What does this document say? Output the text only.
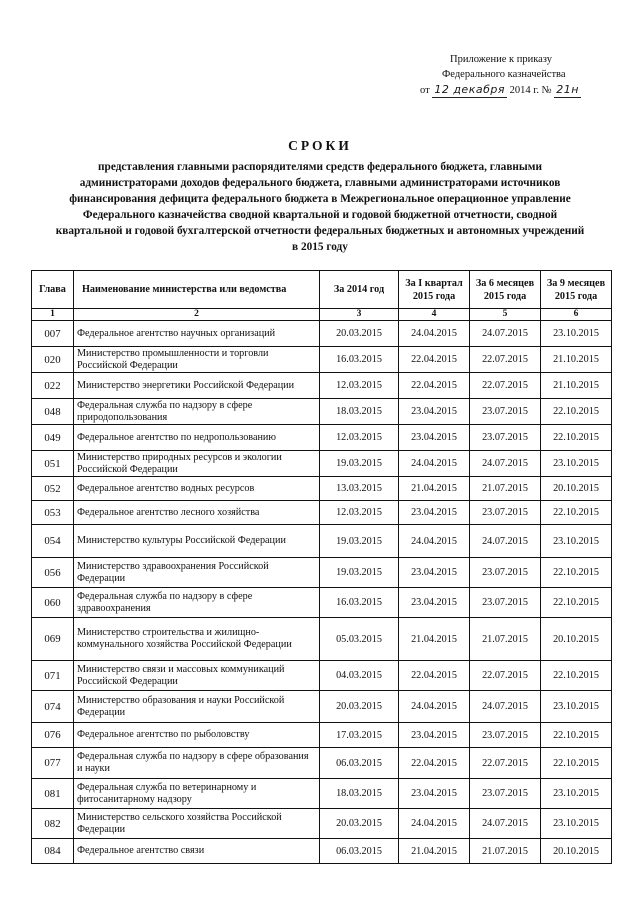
Приложение к приказу
Федерального казначейства
от 12 декабря 2014 г. № 21н
СРОКИ
представления главными распорядителями средств федерального бюджета, главными
администраторами доходов федерального бюджета, главными администраторами источников
финансирования дефицита федерального бюджета в Межрегиональное операционное управление
Федерального казначейства сводной квартальной и годовой бюджетной отчетности, сводной
квартальной и годовой бухгалтерской отчетности федеральных бюджетных и автономных учреждений
в 2015 году
Глава	Наименование министерства или ведомства	За 2014 год	За I квартал 2015 года	За 6 месяцев 2015 года	За 9 месяцев 2015 года
1	2	3	4	5	6
007	Федеральное агентство научных организаций	20.03.2015	24.04.2015	24.07.2015	23.10.2015
020	Министерство промышленности и торговли Российской Федерации	16.03.2015	22.04.2015	22.07.2015	21.10.2015
022	Министерство энергетики Российской Федерации	12.03.2015	22.04.2015	22.07.2015	21.10.2015
048	Федеральная служба по надзору в сфере природопользования	18.03.2015	23.04.2015	23.07.2015	22.10.2015
049	Федеральное агентство по недропользованию	12.03.2015	23.04.2015	23.07.2015	22.10.2015
051	Министерство природных ресурсов и экологии Российской Федерации	19.03.2015	24.04.2015	24.07.2015	23.10.2015
052	Федеральное агентство водных ресурсов	13.03.2015	21.04.2015	21.07.2015	20.10.2015
053	Федеральное агентство лесного хозяйства	12.03.2015	23.04.2015	23.07.2015	22.10.2015
054	Министерство культуры Российской Федерации	19.03.2015	24.04.2015	24.07.2015	23.10.2015
056	Министерство здравоохранения Российской Федерации	19.03.2015	23.04.2015	23.07.2015	22.10.2015
060	Федеральная служба по надзору в сфере здравоохранения	16.03.2015	23.04.2015	23.07.2015	22.10.2015
069	Министерство строительства и жилищно-коммунального хозяйства Российской Федерации	05.03.2015	21.04.2015	21.07.2015	20.10.2015
071	Министерство связи и массовых коммуникаций Российской Федерации	04.03.2015	22.04.2015	22.07.2015	22.10.2015
074	Министерство образования и науки Российской Федерации	20.03.2015	24.04.2015	24.07.2015	23.10.2015
076	Федеральное агентство по рыболовству	17.03.2015	23.04.2015	23.07.2015	22.10.2015
077	Федеральная служба по надзору в сфере образования и науки	06.03.2015	22.04.2015	22.07.2015	22.10.2015
081	Федеральная служба по ветеринарному и фитосанитарному надзору	18.03.2015	23.04.2015	23.07.2015	23.10.2015
082	Министерство сельского хозяйства Российской Федерации	20.03.2015	24.04.2015	24.07.2015	23.10.2015
084	Федеральное агентство связи	06.03.2015	21.04.2015	21.07.2015	20.10.2015
